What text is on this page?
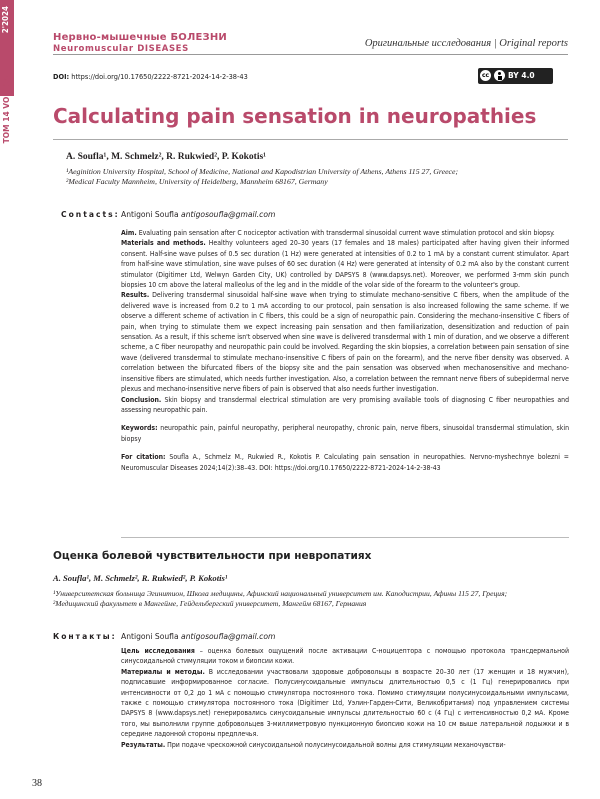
2'2024
ТОМ 14 VOL. 14
Нервно-мышечные БОЛЕЗНИ
Neuromuscular DISEASES	Оригинальные исследования | Original reports
DOI: https://doi.org/10.17650/2222-8721-2024-14-2-38-43	cc	BY 4.0
Calculating pain sensation in neuropathies
A. Soufla¹, M. Schmelz², R. Rukwied², P. Kokotis¹
¹Aeginition University Hospital, School of Medicine, National and Kapodistrian University of Athens, Athens 115 27, Greece;
²Medical Faculty Mannheim, University of Heidelberg, Mannheim 68167, Germany
Contacts: Antigoni Soufla antigosoufla@gmail.com

Aim. Evaluating pain sensation after C nociceptor activation with transdermal sinusoidal current wave stimulation protocol and skin biopsy.

Materials and methods. Healthy volunteers aged 20–30 years (17 females and 18 males) participated after having given their informed consent. Half-sine wave pulses of 0.5 sec duration (1 Hz) were generated at intensities of 0.2 to 1 mA by a constant current stimulator. Apart from half-sine wave stimulation, sine wave pulses of 60 sec duration (4 Hz) were generated at intensity of 0.2 mA also by the constant current stimulator (Digitimer Ltd, Welwyn Garden City, UK) controlled by DAPSYS 8 (www.dapsys.net). Moreover, we performed 3-mm skin punch biopsies 10 cm above the lateral malleolus of the leg and in the middle of the volar side of the forearm to the volunteer's group.

Results. Delivering transdermal sinusoidal half-sine wave when trying to stimulate mechano-sensitive C fibers, when the amplitude of the delivered wave is increased from 0.2 to 1 mA according to our protocol, pain sensation is also increased following the same scheme. If we observe a different scheme of activation in C fibers, this could be a sign of neuropathic pain. Considering the mechano-insensitive C fibers of pain, when trying to stimulate them we expect increasing pain sensation and then familiarization, desensitization and reduction of pain sensation. As a result, if this scheme isn't observed when sine wave is delivered transdermal with 1 min of duration, and we observe a different scheme, a C fiber neuropathy and neuropathic pain could be involved. Regarding the skin biopsies, a correlation between pain sensation of sine wave (delivered transdermal to stimulate mechano-insensitive C fibers of pain on the forearm), and the nerve fiber density was observed. A correlation between the bifurcated fibers of the biopsy site and the pain sensation was observed when mechanosensitive and mechano-insensitive fibers are stimulated, which needs further investigation. Also, a correlation between the remnant nerve fibers of subepidermal nerve plexus and mechano-insensitive nerve fibers of pain is observed that also needs further investigation.

Conclusion. Skin biopsy and transdermal electrical stimulation are very promising available tools of diagnosing C fiber neuropathies and assessing neuropathic pain.

Keywords: neuropathic pain, painful neuropathy, peripheral neuropathy, chronic pain, nerve fibers, sinusoidal transdermal stimulation, skin biopsy

For citation: Soufla A., Schmelz M., Rukwied R., Kokotis P. Calculating pain sensation in neuropathies. Nervno-myshechnye bolezni = Neuromuscular Diseases 2024;14(2):38–43. DOI: https://doi.org/10.17650/2222-8721-2024-14-2-38-43

Оценка болевой чувствительности при невропатиях
A. Soufla¹, M. Schmelz², R. Rukwied², P. Kokotis¹
¹Университетская больница Эгинитион, Школа медицины, Афинский национальный университет им. Каподистрии, Афины 115 27, Греция;
²Медицинский факультет в Мангейме, Гейдельбергский университет, Мангейм 68167, Германия
Контакты: Antigoni Soufla antigosoufla@gmail.com

Цель исследования – оценка болевых ощущений после активации C-ноцицептора с помощью протокола трансдермальной синусоидальной стимуляции током и биопсии кожи.

Материалы и методы. В исследовании участвовали здоровые добровольцы в возрасте 20–30 лет (17 женщин и 18 мужчин), подписавшие информированное согласие. Полусинусоидальные импульсы длительностью 0,5 с (1 Гц) генерировались при интенсивности от 0,2 до 1 мА с помощью стимулятора постоянного тока. Помимо стимуляции полусинусоидальными импульсами, также с помощью стимулятора постоянного тока (Digitimer Ltd, Уэлин-Гарден-Сити, Великобритания) под управлением системы DAPSYS 8 (www.dapsys.net) генерировались синусоидальные импульсы длительностью 60 с (4 Гц) с интенсивностью 0,2 мА. Кроме того, мы выполнили группе добровольцев 3-миллиметровую пункционную биопсию кожи на 10 см выше латеральной лодыжки и в середине ладонной стороны предплечья.

Результаты. При подаче чрескожной синусоидальной полусинусоидальной волны для стимуляции механочувстви-

38
